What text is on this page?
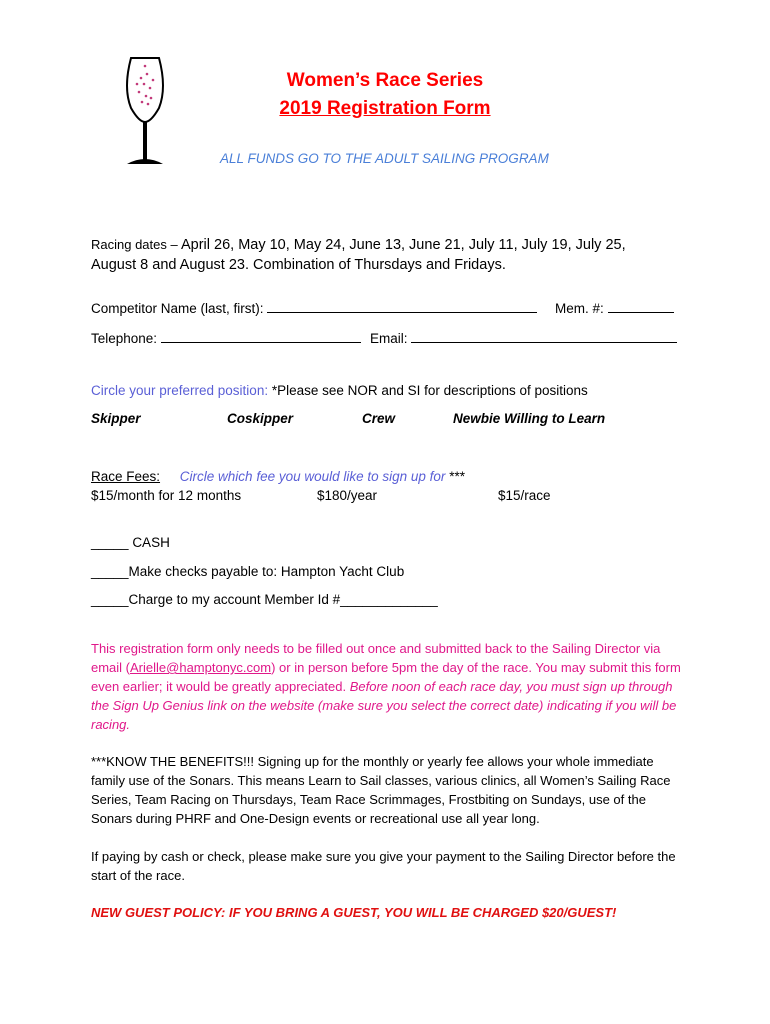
Women’s Race Series
2019 Registration Form
ALL FUNDS GO TO THE ADULT SAILING PROGRAM
Racing dates – April 26, May 10, May 24, June 13, June 21, July 11, July 19, July 25,
August 8 and August 23. Combination of Thursdays and Fridays.
Competitor Name (last, first):	Mem. #:
Telephone:	Email:
Circle your preferred position: *Please see NOR and SI for descriptions of positions
Skipper	Coskipper	Crew	Newbie Willing to Learn
Race Fees: Circle which fee you would like to sign up for ***
$15/month for 12 months	$180/year	$15/race
_____ CASH
_____Make checks payable to: Hampton Yacht Club
_____Charge to my account Member Id #_____________
This registration form only needs to be filled out once and submitted back to the Sailing Director via email (Arielle@hamptonyc.com) or in person before 5pm the day of the race. You may submit this form even earlier; it would be greatly appreciated. Before noon of each race day, you must sign up through the Sign Up Genius link on the website (make sure you select the correct date) indicating if you will be racing.
***KNOW THE BENEFITS!!! Signing up for the monthly or yearly fee allows your whole immediate family use of the Sonars. This means Learn to Sail classes, various clinics, all Women’s Sailing Race Series, Team Racing on Thursdays, Team Race Scrimmages, Frostbiting on Sundays, use of the Sonars during PHRF and One-Design events or recreational use all year long.
If paying by cash or check, please make sure you give your payment to the Sailing Director before the start of the race.
NEW GUEST POLICY: IF YOU BRING A GUEST, YOU WILL BE CHARGED $20/GUEST!
